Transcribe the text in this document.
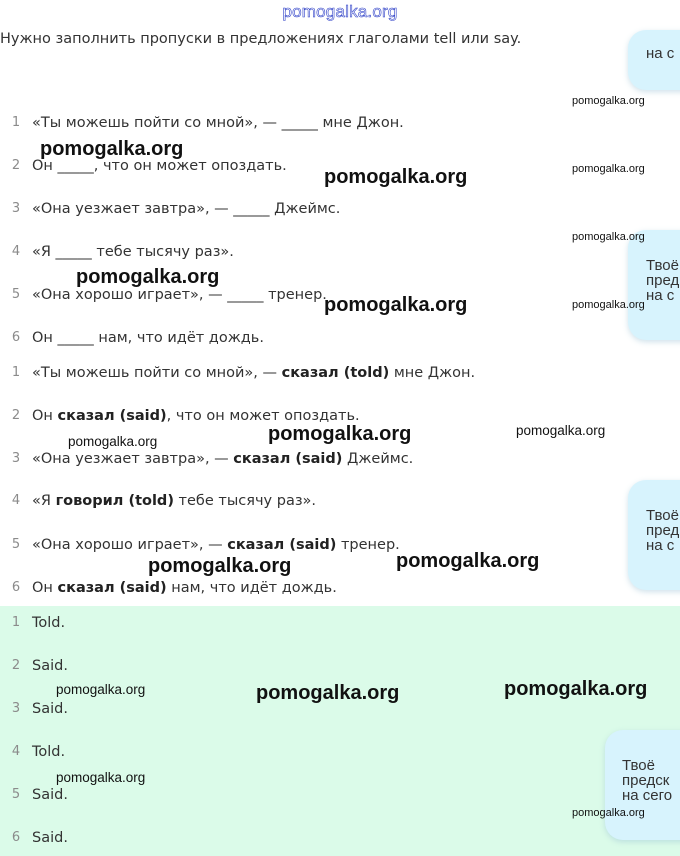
pomogalka.org
Нужно заполнить пропуски в предложениях глаголами tell или say.
1 «Ты можешь пойти со мной», — _____ мне Джон.
2 Он _____, что он может опоздать.
3 «Она уезжает завтра», — _____ Джеймс.
4 «Я _____ тебе тысячу раз».
5 «Она хорошо играет», — _____ тренер.
6 Он _____ нам, что идёт дождь.
1 «Ты можешь пойти со мной», — сказал (told) мне Джон.
2 Он сказал (said), что он может опоздать.
3 «Она уезжает завтра», — сказал (said) Джеймс.
4 «Я говорил (told) тебе тысячу раз».
5 «Она хорошо играет», — сказал (said) тренер.
6 Он сказал (said) нам, что идёт дождь.
1 Told.
2 Said.
3 Said.
4 Told.
5 Said.
6 Said.
на с
Твоё
пред
на с
Твоё
пред
на с
Твоё
предск
на сего
pomogalka.org
pomogalka.org
pomogalka.org
pomogalka.org
pomogalka.org
pomogalka.org
pomogalka.org	pomogalka.org
pomogalka.org
pomogalka.org
pomogalka.org
pomogalka.org	pomogalka.org
pomogalka.org	pomogalka.org	pomogalka.org
pomogalka.org
pomogalka.org
